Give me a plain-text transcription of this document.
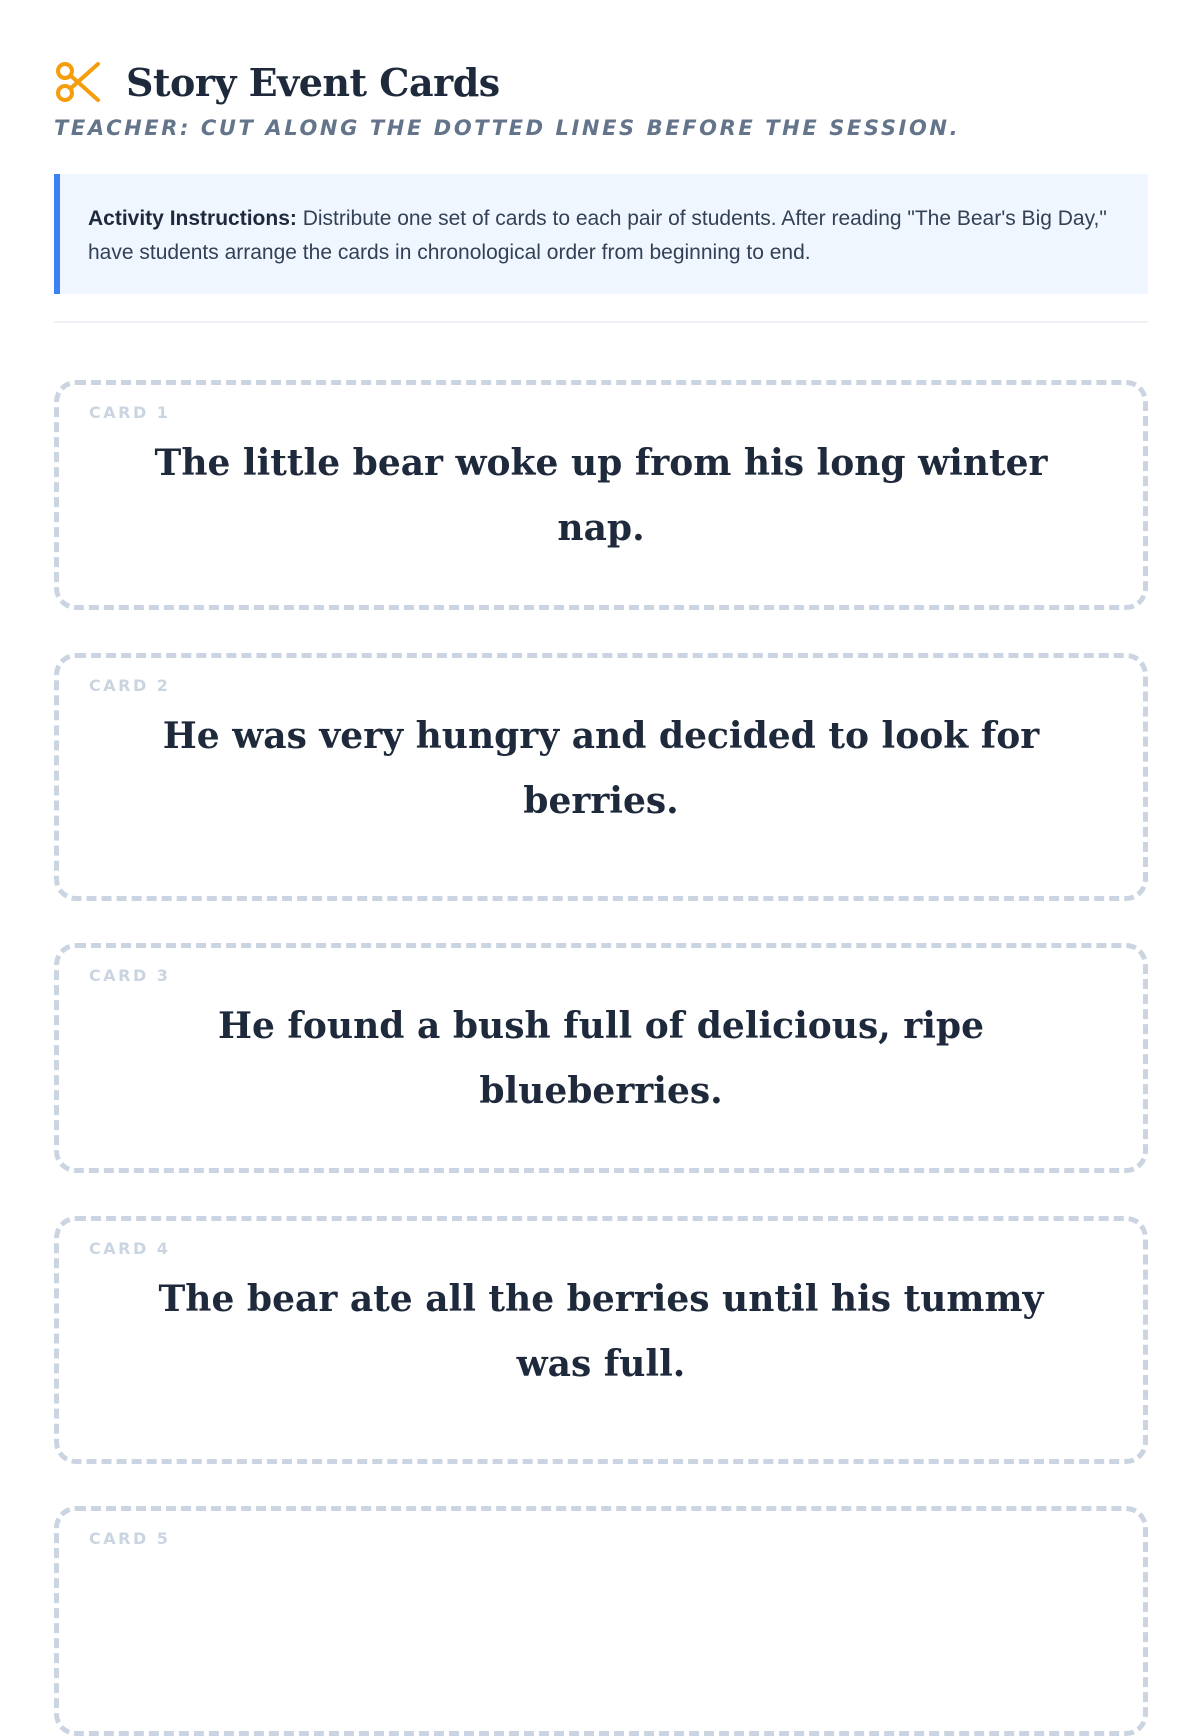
Story Event Cards
TEACHER: CUT ALONG THE DOTTED LINES BEFORE THE SESSION.
Activity Instructions: Distribute one set of cards to each pair of students. After reading "The Bear's Big Day," have students arrange the cards in chronological order from beginning to end.
CARD 1
The little bear woke up from his long winter nap.
CARD 2
He was very hungry and decided to look for berries.
CARD 3
He found a bush full of delicious, ripe blueberries.
CARD 4
The bear ate all the berries until his tummy was full.
CARD 5
